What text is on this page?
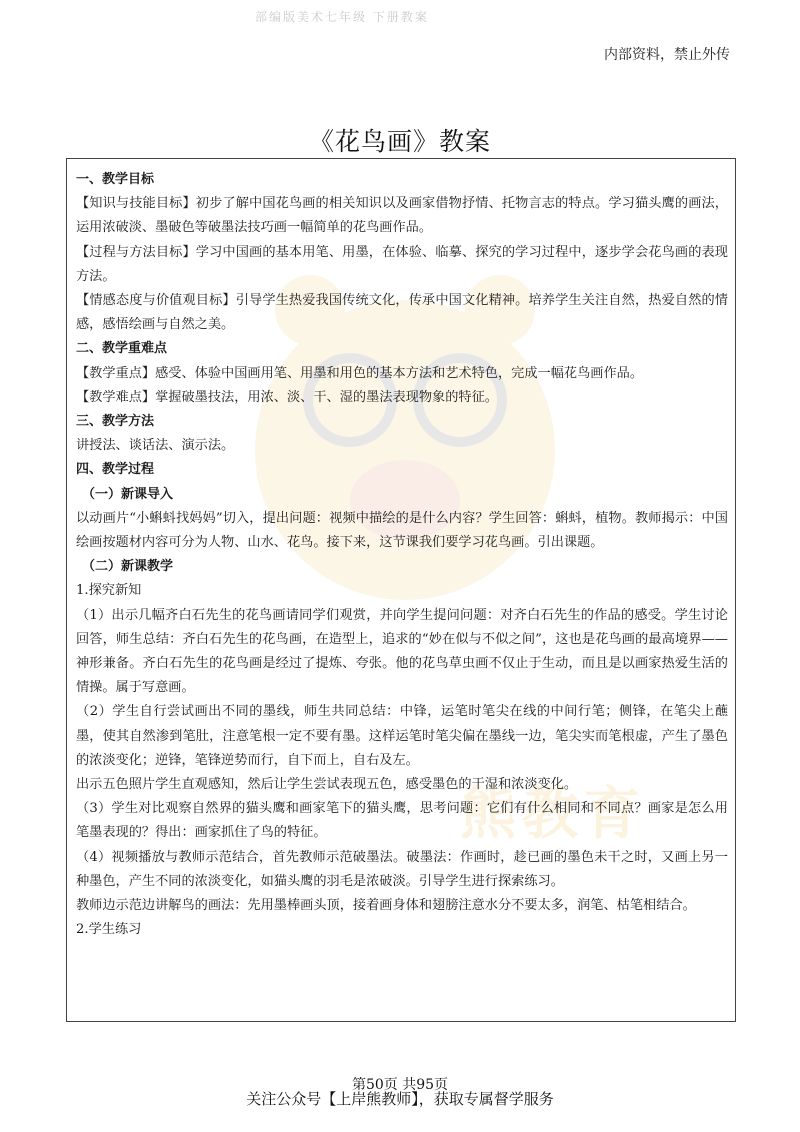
部编版美术七年级 下册教案
内部资料，禁止外传
《花鸟画》教案
熊教育

一、教学目标

【知识与技能目标】初步了解中国花鸟画的相关知识以及画家借物抒情、托物言志的特点。学习猫头鹰的画法，运用浓破淡、墨破色等破墨法技巧画一幅简单的花鸟画作品。

【过程与方法目标】学习中国画的基本用笔、用墨，在体验、临摹、探究的学习过程中，逐步学会花鸟画的表现方法。

【情感态度与价值观目标】引导学生热爱我国传统文化，传承中国文化精神。培养学生关注自然，热爱自然的情感，感悟绘画与自然之美。

二、教学重难点

【教学重点】感受、体验中国画用笔、用墨和用色的基本方法和艺术特色，完成一幅花鸟画作品。

【教学难点】掌握破墨技法，用浓、淡、干、湿的墨法表现物象的特征。

三、教学方法

讲授法、谈话法、演示法。

四、教学过程

（一）新课导入

以动画片“小蝌蚪找妈妈”切入，提出问题：视频中描绘的是什么内容？学生回答：蝌蚪，植物。教师揭示：中国绘画按题材内容可分为人物、山水、花鸟。接下来，这节课我们要学习花鸟画。引出课题。

（二）新课教学

1.探究新知

（1）出示几幅齐白石先生的花鸟画请同学们观赏，并向学生提问问题：对齐白石先生的作品的感受。学生讨论回答，师生总结：齐白石先生的花鸟画，在造型上，追求的“妙在似与不似之间”，这也是花鸟画的最高境界——神形兼备。齐白石先生的花鸟画是经过了提炼、夸张。他的花鸟草虫画不仅止于生动，而且是以画家热爱生活的情操。属于写意画。

（2）学生自行尝试画出不同的墨线，师生共同总结：中锋，运笔时笔尖在线的中间行笔；侧锋，在笔尖上蘸墨，使其自然渗到笔肚，注意笔根一定不要有墨。这样运笔时笔尖偏在墨线一边，笔尖实而笔根虚，产生了墨色的浓淡变化；逆锋，笔锋逆势而行，自下而上，自右及左。

出示五色照片学生直观感知，然后让学生尝试表现五色，感受墨色的干湿和浓淡变化。

（3）学生对比观察自然界的猫头鹰和画家笔下的猫头鹰，思考问题：它们有什么相同和不同点？画家是怎么用笔墨表现的？得出：画家抓住了鸟的特征。

（4）视频播放与教师示范结合，首先教师示范破墨法。破墨法：作画时，趁已画的墨色未干之时，又画上另一种墨色，产生不同的浓淡变化，如猫头鹰的羽毛是浓破淡。引导学生进行探索练习。

教师边示范边讲解鸟的画法：先用墨棒画头顶，接着画身体和翅膀注意水分不要太多，润笔、枯笔相结合。

2.学生练习

第50页 共95页
关注公众号【上岸熊教师】，获取专属督学服务
